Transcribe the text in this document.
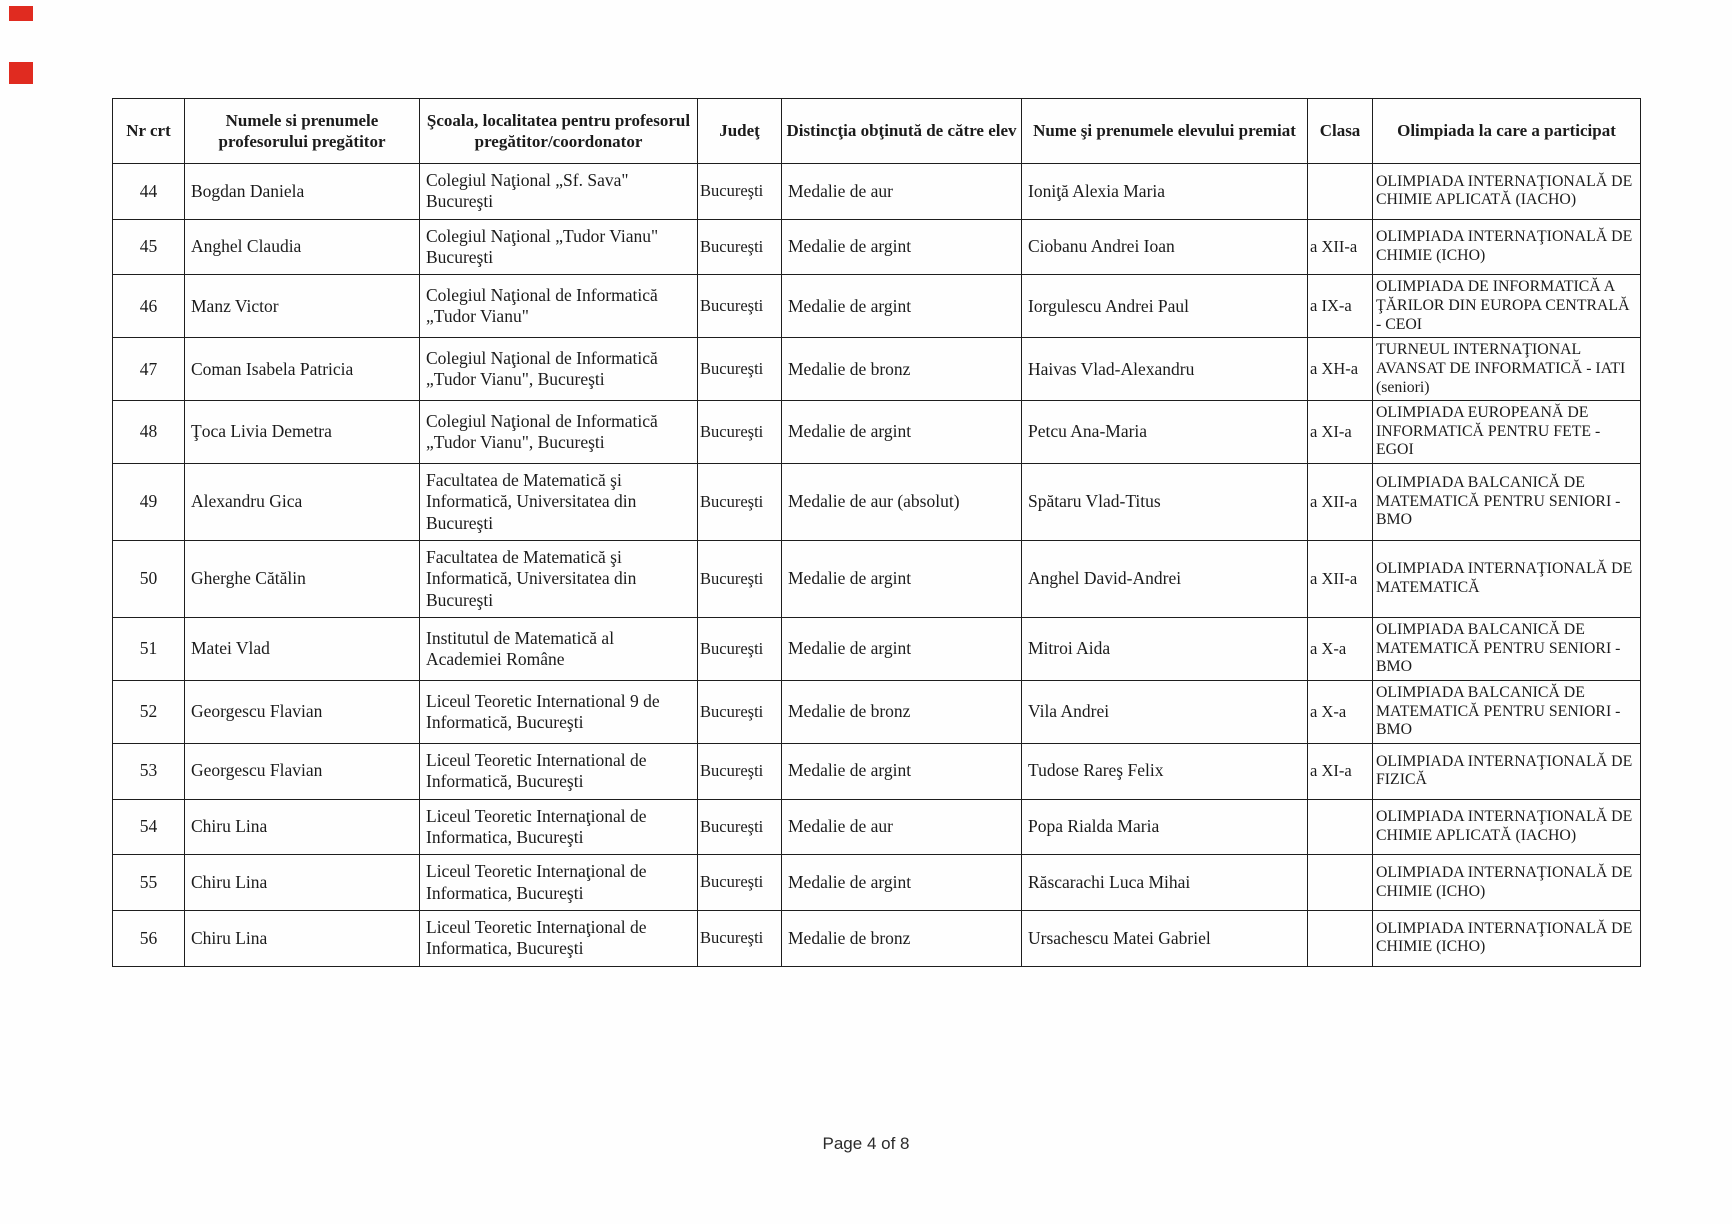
Nr crt	Numele si prenumele profesorului pregătitor	Şcoala, localitatea pentru profesorul pregătitor/coordonator	Judeţ	Distincţia obţinută de către elev	Nume şi prenumele elevului premiat	Clasa	Olimpiada la care a participat
44	Bogdan Daniela	Colegiul Naţional „Sf. Sava" Bucureşti	Bucureşti	Medalie de aur	Ioniţă Alexia Maria		OLIMPIADA INTERNAŢIONALĂ DE CHIMIE APLICATĂ (IACHO)
45	Anghel Claudia	Colegiul Naţional „Tudor Vianu" Bucureşti	Bucureşti	Medalie de argint	Ciobanu Andrei Ioan	a XII-a	OLIMPIADA INTERNAŢIONALĂ DE CHIMIE (ICHO)
46	Manz Victor	Colegiul Naţional de Informatică „Tudor Vianu"	Bucureşti	Medalie de argint	Iorgulescu Andrei Paul	a IX-a	OLIMPIADA DE INFORMATICĂ A ŢĂRILOR DIN EUROPA CENTRALĂ - CEOI
47	Coman Isabela Patricia	Colegiul Naţional de Informatică „Tudor Vianu", Bucureşti	Bucureşti	Medalie de bronz	Haivas Vlad-Alexandru	a XH-a	TURNEUL INTERNAŢIONAL AVANSAT DE INFORMATICĂ - IATI (seniori)
48	Ţoca Livia Demetra	Colegiul Naţional de Informatică „Tudor Vianu", Bucureşti	Bucureşti	Medalie de argint	Petcu Ana-Maria	a XI-a	OLIMPIADA EUROPEANĂ DE INFORMATICĂ PENTRU FETE -EGOI
49	Alexandru Gica	Facultatea de Matematică şi Informatică, Universitatea din Bucureşti	Bucureşti	Medalie de aur (absolut)	Spătaru Vlad-Titus	a XII-a	OLIMPIADA BALCANICĂ DE MATEMATICĂ PENTRU SENIORI -BMO
50	Gherghe Cătălin	Facultatea de Matematică şi Informatică, Universitatea din Bucureşti	Bucureşti	Medalie de argint	Anghel David-Andrei	a XII-a	OLIMPIADA INTERNAŢIONALĂ DE MATEMATICĂ
51	Matei Vlad	Institutul de Matematică al Academiei Române	Bucureşti	Medalie de argint	Mitroi Aida	a X-a	OLIMPIADA BALCANICĂ DE MATEMATICĂ PENTRU SENIORI -BMO
52	Georgescu Flavian	Liceul Teoretic International 9 de Informatică, Bucureşti	Bucureşti	Medalie de bronz	Vila Andrei	a X-a	OLIMPIADA BALCANICĂ DE MATEMATICĂ PENTRU SENIORI -BMO
53	Georgescu Flavian	Liceul Teoretic International de Informatică, Bucureşti	Bucureşti	Medalie de argint	Tudose Rareş Felix	a XI-a	OLIMPIADA INTERNAŢIONALĂ DE FIZICĂ
54	Chiru Lina	Liceul Teoretic Internaţional de Informatica, Bucureşti	Bucureşti	Medalie de aur	Popa Rialda Maria		OLIMPIADA INTERNAŢIONALĂ DE CHIMIE APLICATĂ (IACHO)
55	Chiru Lina	Liceul Teoretic Internaţional de Informatica, Bucureşti	Bucureşti	Medalie de argint	Răscarachi Luca Mihai		OLIMPIADA INTERNAŢIONALĂ DE CHIMIE (ICHO)
56	Chiru Lina	Liceul Teoretic Internaţional de Informatica, Bucureşti	Bucureşti	Medalie de bronz	Ursachescu Matei Gabriel		OLIMPIADA INTERNAŢIONALĂ DE CHIMIE (ICHO)
Page 4 of 8
